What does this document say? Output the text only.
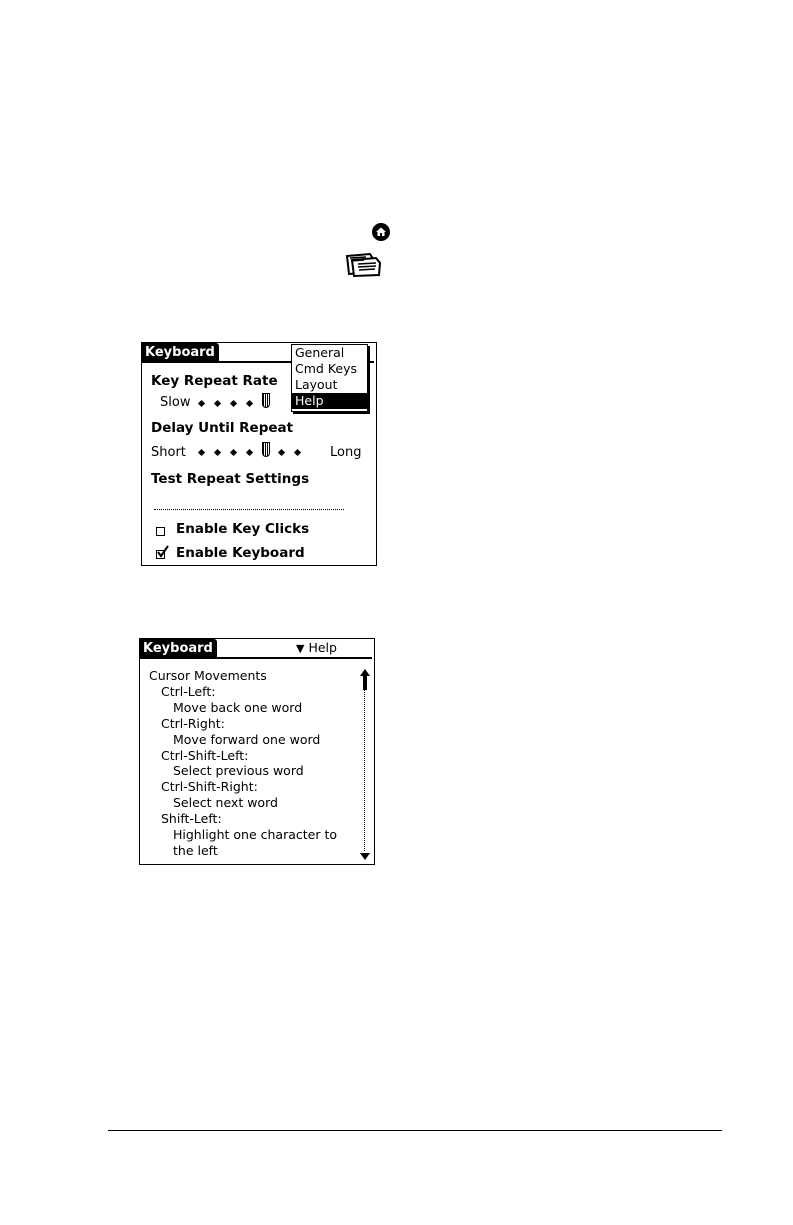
Keyboard
Key Repeat Rate
Slow
Delay Until Repeat
Short	Long
Test Repeat Settings
Enable Key Clicks
Enable Keyboard
General
Cmd Keys
Layout
Help
Keyboard	▼ Help
Cursor Movements
Ctrl-Left:
Move back one word
Ctrl-Right:
Move forward one word
Ctrl-Shift-Left:
Select previous word
Ctrl-Shift-Right:
Select next word
Shift-Left:
Highlight one character to
the left
